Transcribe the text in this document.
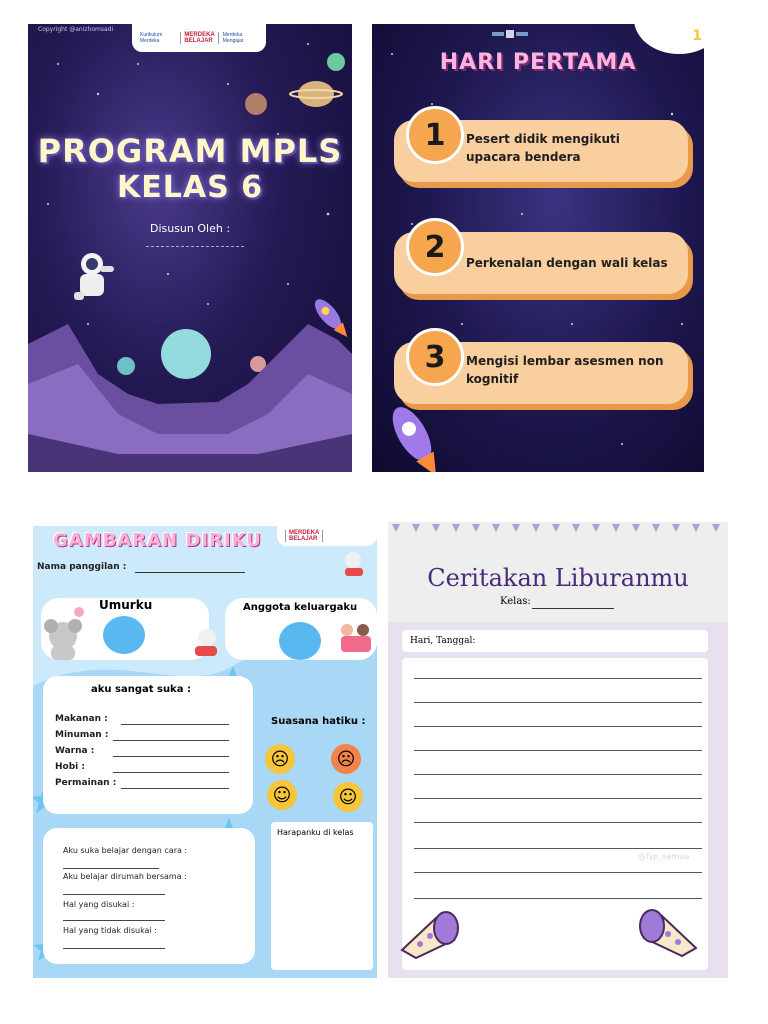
Copyright @anizhomsadi
Kurikulum Merdeka
MERDEKA
BELAJAR
Merdeka Mengajar
PROGRAM MPLS
KELAS 6
Disusun Oleh :
1
HARI PERTAMA
1	Pesert didik mengikuti upacara bendera
2	Perkenalan dengan wali kelas
3	Mengisi lembar asesmen non kognitif
GAMBARAN DIRIKU	MERDEKA
BELAJAR
Nama panggilan :
Umurku	Anggota keluargaku
aku sangat suka :
Makanan :
Minuman :
Warna :
Hobi :
Permainan :
Suasana hatiku :
☹	☹
☺	☺
Aku suka belajar dengan cara :
Aku belajar dirumah bersama :
Hal yang disukai :
Hal yang tidak disukai :
Harapanku di kelas
Ceritakan Liburanmu
Kelas:
Hari, Tanggal:
@fyp_semua
